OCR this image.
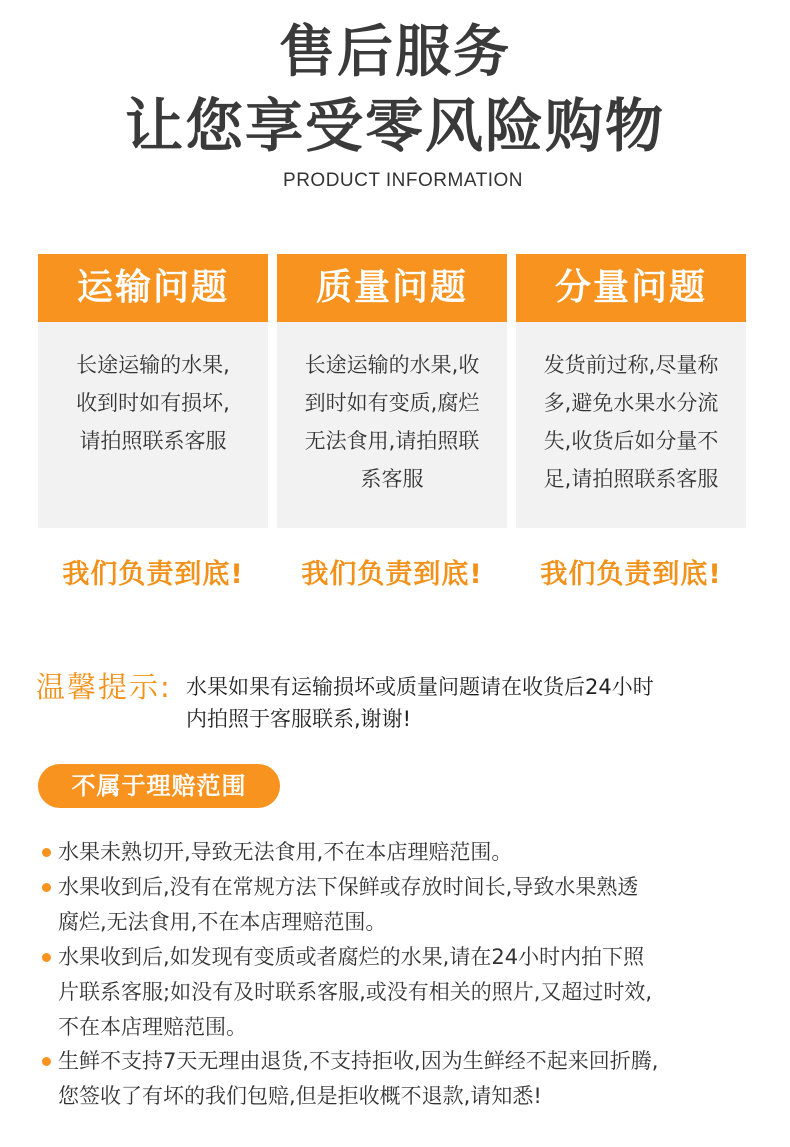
售后服务
让您享受零风险购物
PRODUCT INFORMATION
运输问题
长途运输的水果,
收到时如有损坏,
请拍照联系客服
质量问题
长途运输的水果,收
到时如有变质,腐烂
无法食用,请拍照联
系客服
分量问题
发货前过称,尽量称
多,避免水果水分流
失,收货后如分量不
足,请拍照联系客服
我们负责到底!	我们负责到底!	我们负责到底!
温馨提示: 水果如果有运输损坏或质量问题请在收货后24小时
内拍照于客服联系,谢谢!
不属于理赔范围
水果未熟切开,导致无法食用,不在本店理赔范围。
水果收到后,没有在常规方法下保鲜或存放时间长,导致水果熟透
腐烂,无法食用,不在本店理赔范围。
水果收到后,如发现有变质或者腐烂的水果,请在24小时内拍下照
片联系客服;如没有及时联系客服,或没有相关的照片,又超过时效,
不在本店理赔范围。
生鲜不支持7天无理由退货,不支持拒收,因为生鲜经不起来回折腾,
您签收了有坏的我们包赔,但是拒收概不退款,请知悉!
